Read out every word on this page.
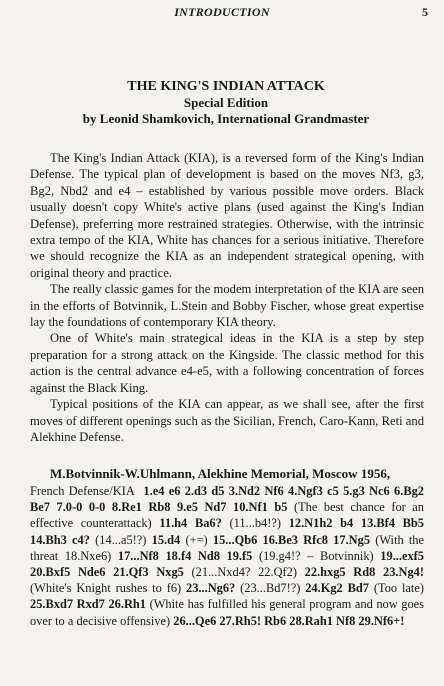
INTRODUCTION	5
THE KING'S INDIAN ATTACK
Special Edition
by Leonid Shamkovich, International Grandmaster

The King's Indian Attack (KIA), is a reversed form of the King's Indian Defense. The typical plan of development is based on the moves Nf3, g3, Bg2, Nbd2 and e4 – established by various possible move orders. Black usually doesn't copy White's active plans (used against the King's Indian Defense), preferring more restrained strategies. Otherwise, with the intrinsic extra tempo of the KIA, White has chances for a serious initiative. Therefore we should recognize the KIA as an independent strategical opening, with original theory and practice.

The really classic games for the modem interpretation of the KIA are seen in the efforts of Botvinnik, L.Stein and Bobby Fischer, whose great expertise lay the foundations of contemporary KIA theory.

One of White's main strategical ideas in the KIA is a step by step preparation for a strong attack on the Kingside. The classic method for this action is the central advance e4-e5, with a following concentration of forces against the Black King.

Typical positions of the KIA can appear, as we shall see, after the first moves of different openings such as the Sicilian, French, Caro-Kann, Reti and Alekhine Defense.

M.Botvinnik-W.Uhlmann, Alekhine Memorial, Moscow 1956,

French Defense/KIA 1.e4 e6 2.d3 d5 3.Nd2 Nf6 4.Ngf3 c5 5.g3 Nc6 6.Bg2 Be7 7.0-0 0-0 8.Re1 Rb8 9.e5 Nd7 10.Nf1 b5 (The best chance for an effective counterattack) 11.h4 Ba6? (11...b4!?) 12.N1h2 b4 13.Bf4 Bb5 14.Bh3 c4? (14...a5!?) 15.d4 (+=) 15...Qb6 16.Be3 Rfc8 17.Ng5 (With the threat 18.Nxe6) 17...Nf8 18.f4 Nd8 19.f5 (19.g4!? – Botvinnik) 19...exf5 20.Bxf5 Nde6 21.Qf3 Nxg5 (21...Nxd4? 22.Qf2) 22.hxg5 Rd8 23.Ng4! (White's Knight rushes to f6) 23...Ng6? (23...Bd7!?) 24.Kg2 Bd7 (Too late) 25.Bxd7 Rxd7 26.Rh1 (White has fulfilled his general program and now goes over to a decisive offensive) 26...Qe6 27.Rh5! Rb6 28.Rah1 Nf8 29.Nf6+!
